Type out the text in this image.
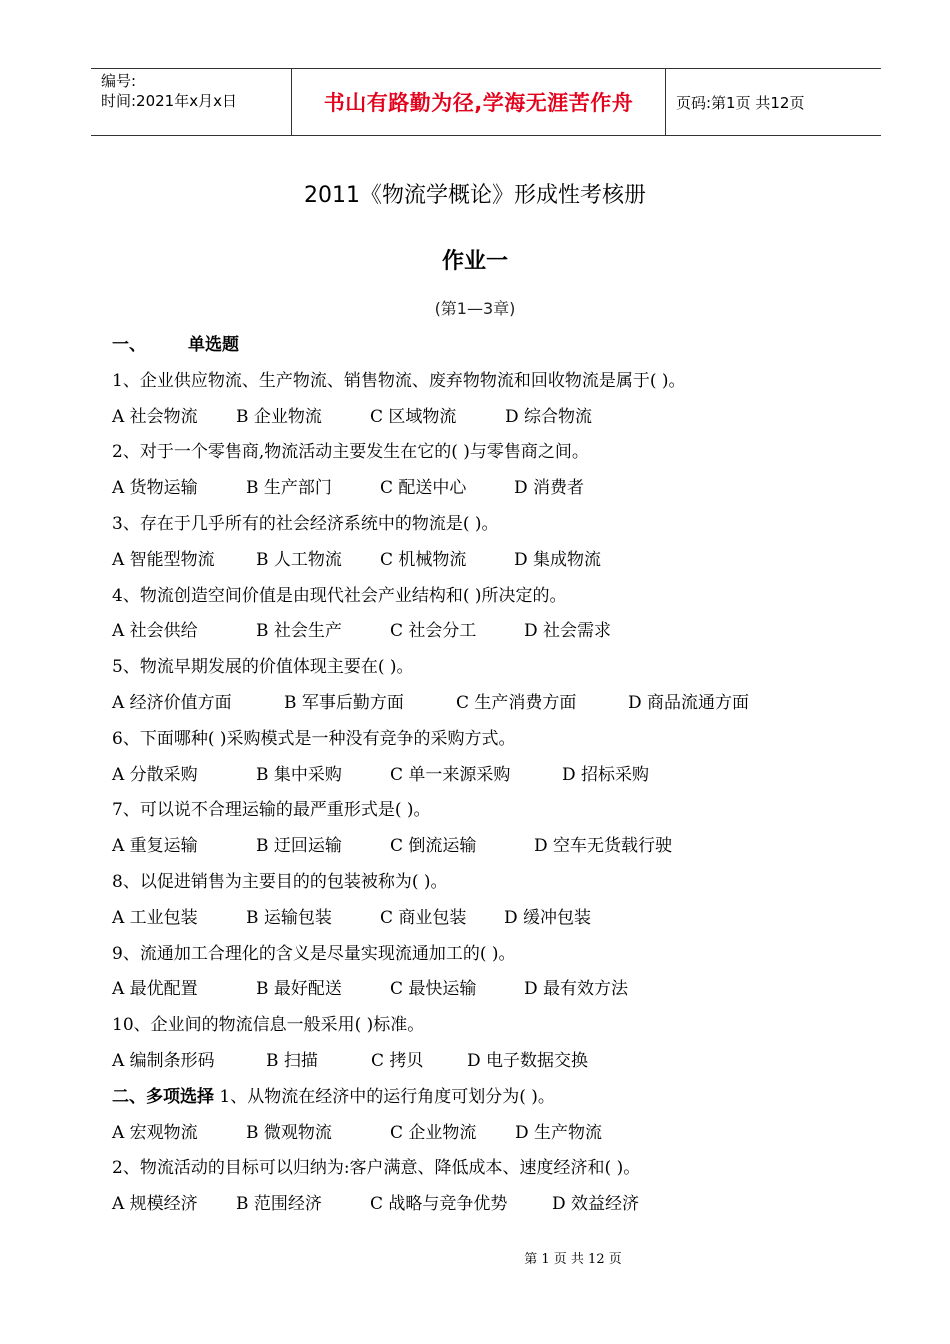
编号:
时间:2021年x月x日	书山有路勤为径,学海无涯苦作舟	页码:第1页 共12页
2011《物流学概论》形成性考核册
作业一
(第1—3章)
一、 单选题
1、企业供应物流、生产物流、销售物流、废弃物物流和回收物流是属于( )。
A 社会物流 B 企业物流	C 区域物流	D 综合物流
2、对于一个零售商,物流活动主要发生在它的( )与零售商之间。
A 货物运输	B 生产部门	C 配送中心	D 消费者
3、存在于几乎所有的社会经济系统中的物流是( )。
A 智能型物流 B 人工物流 C 机械物流	D 集成物流
4、物流创造空间价值是由现代社会产业结构和( )所决定的。
A 社会供给	B 社会生产	C 社会分工	D 社会需求
5、物流早期发展的价值体现主要在( )。
A 经济价值方面	B 军事后勤方面	C 生产消费方面	D 商品流通方面
6、下面哪种( )采购模式是一种没有竞争的采购方式。
A 分散采购	B 集中采购	C 单一来源采购	D 招标采购
7、可以说不合理运输的最严重形式是( )。
A 重复运输	B 迂回运输	C 倒流运输	D 空车无货载行驶
8、以促进销售为主要目的的包装被称为( )。
A 工业包装	B 运输包装	C 商业包装 D 缓冲包装
9、流通加工合理化的含义是尽量实现流通加工的( )。
A 最优配置	B 最好配送	C 最快运输	D 最有效方法
10、企业间的物流信息一般采用( )标准。
A 编制条形码	B 扫描	C 拷贝	D 电子数据交换
二、多项选择 1、从物流在经济中的运行角度可划分为( )。
A 宏观物流	B 微观物流	C 企业物流 D 生产物流
2、物流活动的目标可以归纳为:客户满意、降低成本、速度经济和( )。
A 规模经济 B 范围经济	C 战略与竞争优势	D 效益经济
第 1 页 共 12 页
